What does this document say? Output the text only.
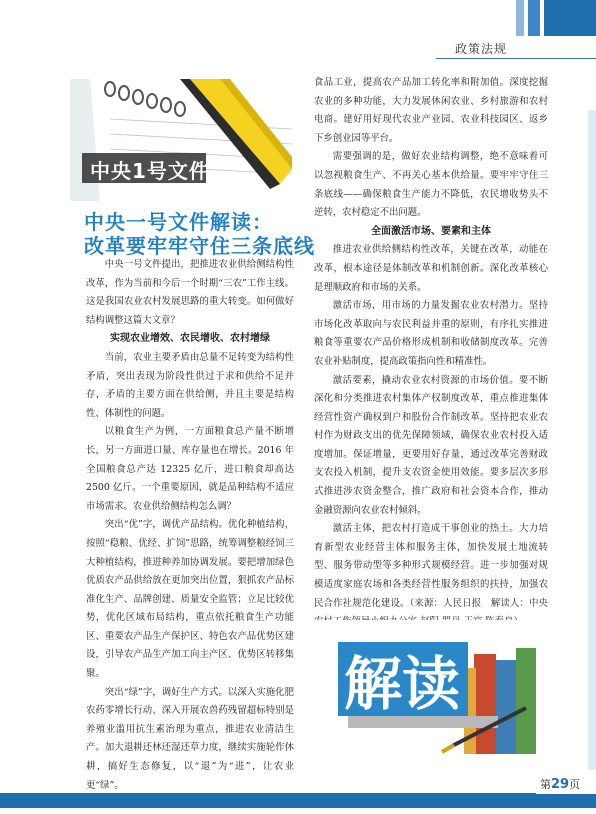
政策法规
中央1号文件
中央一号文件解读：
改革要牢牢守住三条底线

中央一号文件提出，把推进农业供给侧结构性改革，作为当前和今后一个时期“三农”工作主线。这是我国农业农村发展思路的重大转变。如何做好结构调整这篇大文章？

实现农业增效、农民增收、农村增绿

当前，农业主要矛盾由总量不足转变为结构性矛盾，突出表现为阶段性供过于求和供给不足并存，矛盾的主要方面在供给侧，并且主要是结构性、体制性的问题。

以粮食生产为例，一方面粮食总产量不断增长，另一方面进口量、库存量也在增长。2016 年全国粮食总产达 12325 亿斤，进口粮食却高达 2500 亿斤。一个重要原因，就是品种结构不适应市场需求。农业供给侧结构怎么调？

突出“优”字，调优产品结构。优化种植结构，按照“稳粮、优经、扩饲”思路，统筹调整粮经饲三大种植结构，推进种养加协调发展。要把增加绿色优质农产品供给放在更加突出位置，狠抓农产品标准化生产、品牌创建、质量安全监管；立足比较优势，优化区域布局结构，重点依托粮食生产功能区、重要农产品生产保护区、特色农产品优势区建设，引导农产品生产加工向主产区、优势区转移集聚。

突出“绿”字，调好生产方式。以深入实施化肥农药零增长行动、深入开展农兽药残留超标特别是养殖业滥用抗生素治理为重点，推进农业清洁生产。加大退耕还林还湿还草力度，继续实施轮作休耕，搞好生态修复，以“退”为“进”，让农业更“绿”。

食品工业，提高农产品加工转化率和附加值。深度挖掘农业的多种功能，大力发展休闲农业、乡村旅游和农村电商。建好用好现代农业产业园、农业科技园区、返乡下乡创业园等平台。

需要强调的是，做好农业结构调整，绝不意味着可以忽视粮食生产、不再关心基本供给量。要牢牢守住三条底线——确保粮食生产能力不降低，农民增收势头不逆转，农村稳定不出问题。

全面激活市场、要素和主体

推进农业供给侧结构性改革，关键在改革，动能在改革，根本途径是体制改革和机制创新。深化改革核心是理顺政府和市场的关系。

激活市场，用市场的力量发掘农业农村潜力。坚持市场化改革取向与农民利益并重的原则，有序扎实推进粮食等重要农产品价格形成机制和收储制度改革。完善农业补贴制度，提高政策指向性和精准性。

激活要素，撬动农业农村资源的市场价值。要不断深化和分类推进农村集体产权制度改革，重点推进集体经营性资产确权到户和股份合作制改革。坚持把农业农村作为财政支出的优先保障领域，确保农业农村投入适度增加。保证增量，更要用好存量，通过改革完善财政支农投入机制，提升支农资金使用效能。要多层次多形式推进涉农资金整合，推广政府和社会资本合作，推动金融资源向农业农村倾斜。

激活主体，把农村打造成干事创业的热土。大力培育新型农业经营主体和服务主体，加快发展土地流转型、服务带动型等多种形式规模经营。进一步加强对规模适度家庭农场和各类经营性服务组织的扶持，加强农民合作社规范化建设。（来源：人民日报　解读人：中央

解读
第29页
